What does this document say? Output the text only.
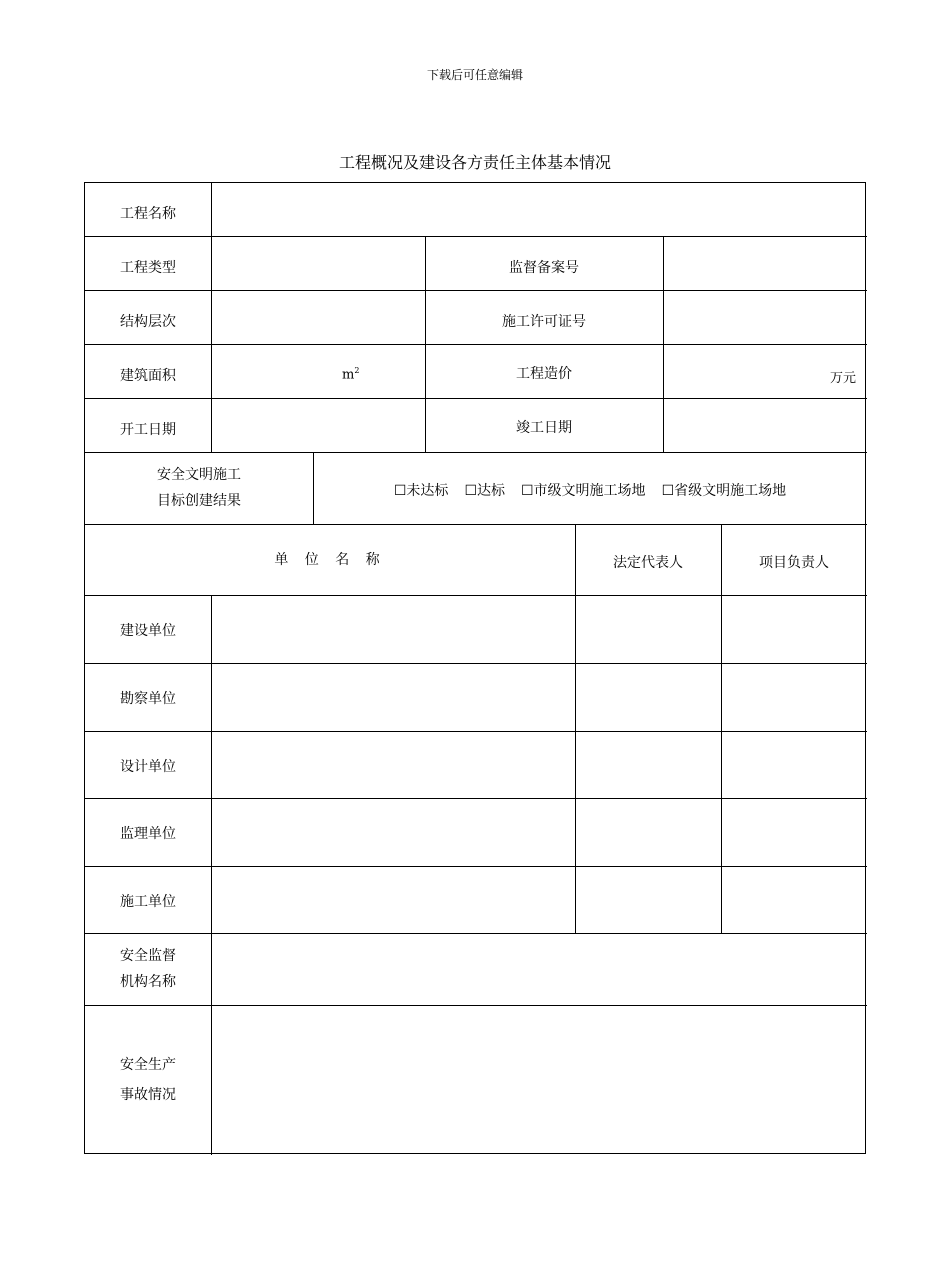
下载后可任意编辑
工程概况及建设各方责任主体基本情况
工程名称
工程类型	监督备案号
结构层次	施工许可证号
建筑面积	$m^2$	工程造价	万元
开工日期	竣工日期
安全文明施工
目标创建结果
☐未达标 ☐达标 ☐市级文明施工场地 ☐省级文明施工场地
单 位 名 称	法定代表人	项目负责人
建设单位
勘察单位
设计单位
监理单位
施工单位
安全监督
机构名称
安全生产
事故情况
